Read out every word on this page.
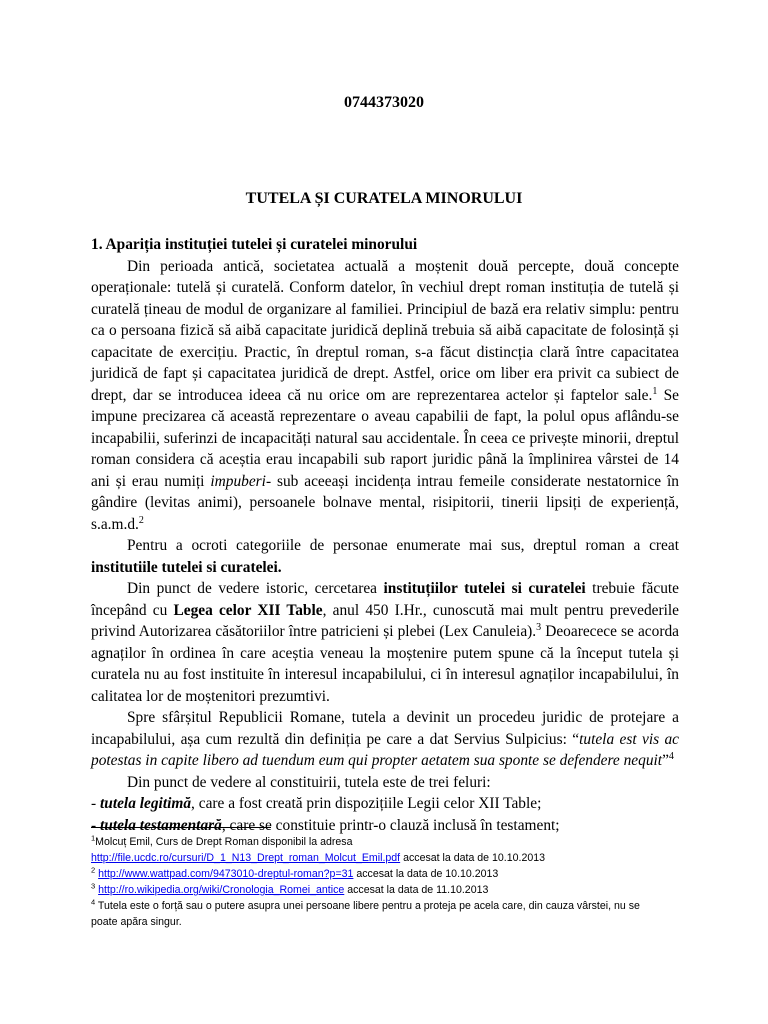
0744373020

TUTELA ȘI CURATELA MINORULUI

1. Apariția instituției tutelei și curatelei minorului

Din perioada antică, societatea actuală a moștenit două percepte, două concepte operaționale: tutelă și curatelă. Conform datelor, în vechiul drept roman instituția de tutelă și curatelă țineau de modul de organizare al familiei. Principiul de bază era relativ simplu: pentru ca o persoana fizică să aibă capacitate juridică deplină trebuia să aibă capacitate de folosință și capacitate de exercițiu. Practic, în dreptul roman, s-a făcut distincția clară între capacitatea juridică de fapt și capacitatea juridică de drept. Astfel, orice om liber era privit ca subiect de drept, dar se introducea ideea că nu orice om are reprezentarea actelor și faptelor sale.$^1$ Se impune precizarea că această reprezentare o aveau capabilii de fapt, la polul opus aflându-se incapabilii, suferinzi de incapacități natural sau accidentale. În ceea ce privește minorii, dreptul roman considera că aceștia erau incapabili sub raport juridic până la împlinirea vârstei de 14 ani și erau numiți impuberi- sub aceeași incidența intrau femeile considerate nestatornice în gândire (levitas animi), persoanele bolnave mental, risipitorii, tinerii lipsiți de experiență, s.a.m.d.$^2$

Pentru a ocroti categoriile de personae enumerate mai sus, dreptul roman a creat institutiile tutelei si curatelei.

Din punct de vedere istoric, cercetarea instituțiilor tutelei si curatelei trebuie făcute începând cu Legea celor XII Table, anul 450 I.Hr., cunoscută mai mult pentru prevederile privind Autorizarea căsătoriilor între patricieni și plebei (Lex Canuleia).$^3$ Deoarecece se acorda agnaților în ordinea în care aceștia veneau la moștenire putem spune că la început tutela și curatela nu au fost instituite în interesul incapabilului, ci în interesul agnaților incapabilului, în calitatea lor de moștenitori prezumtivi.

Spre sfârșitul Republicii Romane, tutela a devinit un procedeu juridic de protejare a incapabilului, așa cum rezultă din definiția pe care a dat Servius Sulpicius: “tutela est vis ac potestas in capite libero ad tuendum eum qui propter aetatem sua sponte se defendere nequit”$^4$

Din punct de vedere al constituirii, tutela este de trei feluri:

- tutela legitimă, care a fost creată prin dispozițiile Legii celor XII Table;

- tutela testamentară, care se constituie printr-o clauză inclusă în testament;

$^1$Molcuț Emil, Curs de Drept Roman disponibil la adresa
http://file.ucdc.ro/cursuri/D_1_N13_Drept_roman_Molcut_Emil.pdf accesat la data de 10.10.2013

$^2$ http://www.wattpad.com/9473010-dreptul-roman?p=31 accesat la data de 10.10.2013

$^3$ http://ro.wikipedia.org/wiki/Cronologia_Romei_antice accesat la data de 11.10.2013

$^4$ Tutela este o forță sau o putere asupra unei persoane libere pentru a proteja pe acela care, din cauza vârstei, nu se poate apăra singur.
